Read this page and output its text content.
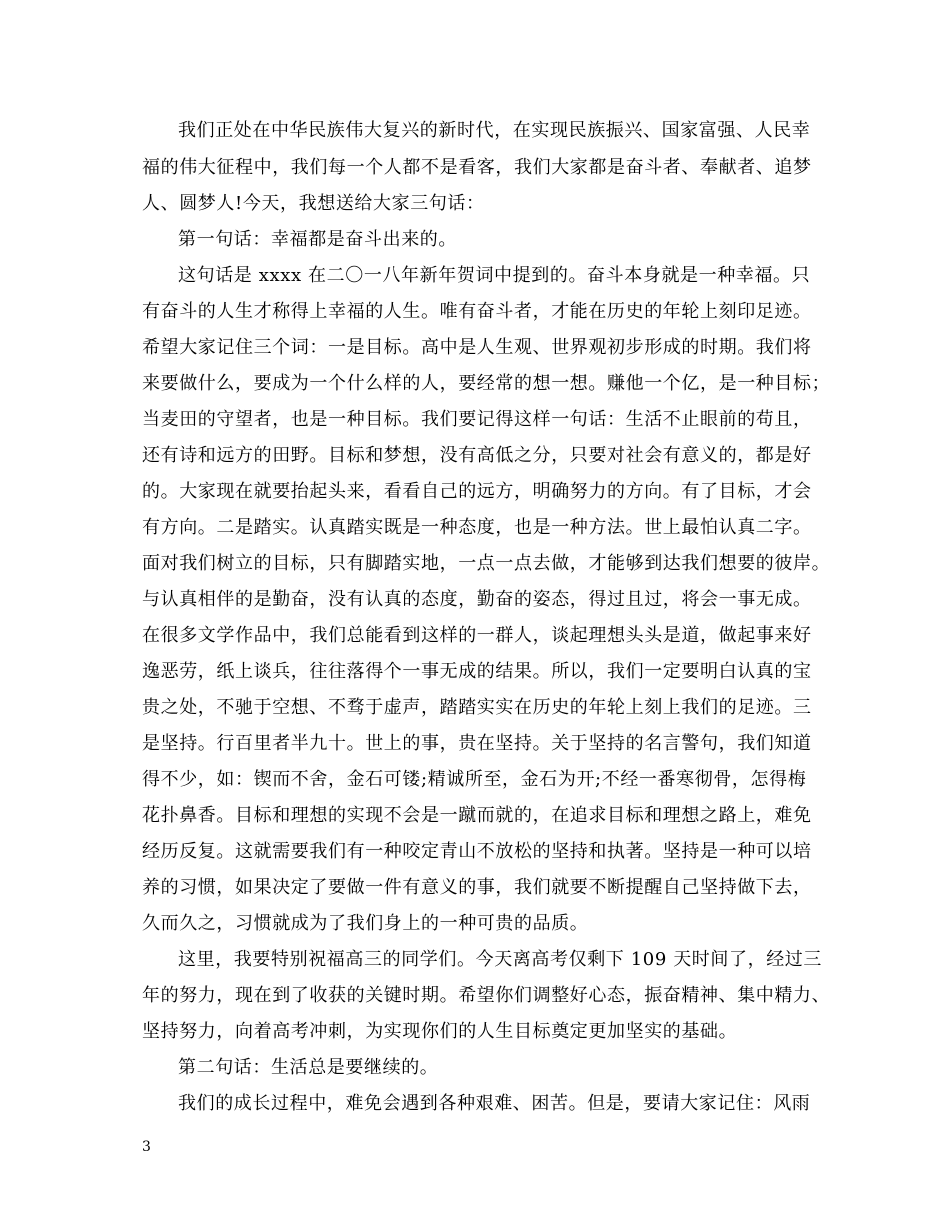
我们正处在中华民族伟大复兴的新时代，在实现民族振兴、国家富强、人民幸
福的伟大征程中，我们每一个人都不是看客，我们大家都是奋斗者、奉献者、追梦
人、圆梦人!今天，我想送给大家三句话：
第一句话：幸福都是奋斗出来的。
这句话是 xxxx 在二〇一八年新年贺词中提到的。奋斗本身就是一种幸福。只
有奋斗的人生才称得上幸福的人生。唯有奋斗者，才能在历史的年轮上刻印足迹。
希望大家记住三个词：一是目标。高中是人生观、世界观初步形成的时期。我们将
来要做什么，要成为一个什么样的人，要经常的想一想。赚他一个亿，是一种目标；
当麦田的守望者，也是一种目标。我们要记得这样一句话：生活不止眼前的苟且，
还有诗和远方的田野。目标和梦想，没有高低之分，只要对社会有意义的，都是好
的。大家现在就要抬起头来，看看自己的远方，明确努力的方向。有了目标，才会
有方向。二是踏实。认真踏实既是一种态度，也是一种方法。世上最怕认真二字。
面对我们树立的目标，只有脚踏实地，一点一点去做，才能够到达我们想要的彼岸。
与认真相伴的是勤奋，没有认真的态度，勤奋的姿态，得过且过，将会一事无成。
在很多文学作品中，我们总能看到这样的一群人，谈起理想头头是道，做起事来好
逸恶劳，纸上谈兵，往往落得个一事无成的结果。所以，我们一定要明白认真的宝
贵之处，不驰于空想、不骛于虚声，踏踏实实在历史的年轮上刻上我们的足迹。三
是坚持。行百里者半九十。世上的事，贵在坚持。关于坚持的名言警句，我们知道
得不少，如：锲而不舍，金石可镂;精诚所至，金石为开;不经一番寒彻骨，怎得梅
花扑鼻香。目标和理想的实现不会是一蹴而就的，在追求目标和理想之路上，难免
经历反复。这就需要我们有一种咬定青山不放松的坚持和执著。坚持是一种可以培
养的习惯，如果决定了要做一件有意义的事，我们就要不断提醒自己坚持做下去，
久而久之，习惯就成为了我们身上的一种可贵的品质。
这里，我要特别祝福高三的同学们。今天离高考仅剩下 109 天时间了，经过三
年的努力，现在到了收获的关键时期。希望你们调整好心态，振奋精神、集中精力、
坚持努力，向着高考冲刺，为实现你们的人生目标奠定更加坚实的基础。
第二句话：生活总是要继续的。
我们的成长过程中，难免会遇到各种艰难、困苦。但是，要请大家记住：风雨
3
